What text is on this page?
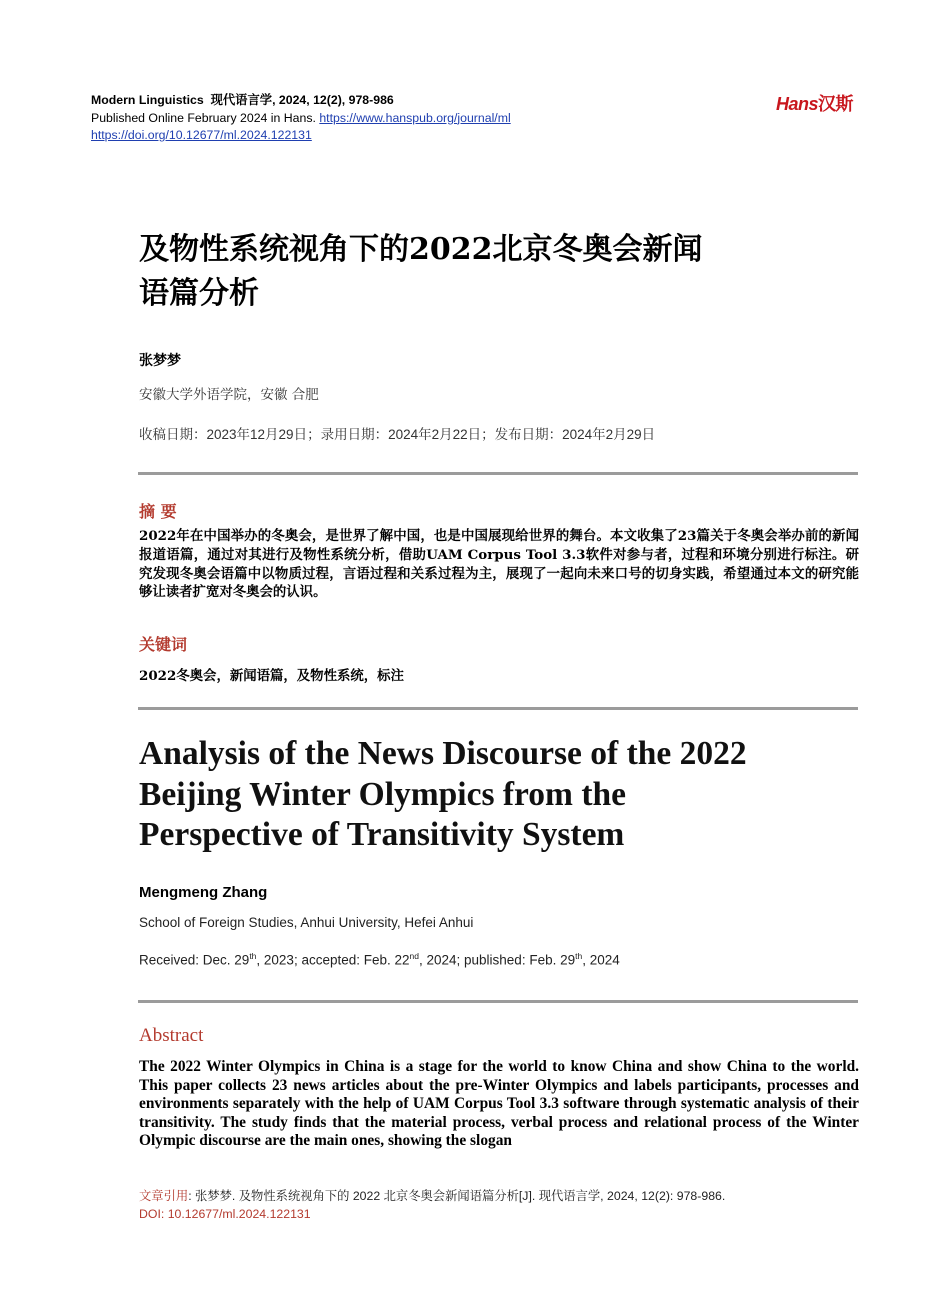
Modern Linguistics 现代语言学, 2024, 12(2), 978-986
Published Online February 2024 in Hans. https://www.hanspub.org/journal/ml
https://doi.org/10.12677/ml.2024.122131
Hans汉斯
及物性系统视角下的2022北京冬奥会新闻
语篇分析
张梦梦
安徽大学外语学院，安徽 合肥
收稿日期：2023年12月29日；录用日期：2024年2月22日；发布日期：2024年2月29日
摘 要
2022年在中国举办的冬奥会，是世界了解中国，也是中国展现给世界的舞台。本文收集了23篇关于冬奥会举办前的新闻报道语篇，通过对其进行及物性系统分析，借助UAM Corpus Tool 3.3软件对参与者，过程和环境分别进行标注。研究发现冬奥会语篇中以物质过程，言语过程和关系过程为主，展现了一起向未来口号的切身实践，希望通过本文的研究能够让读者扩宽对冬奥会的认识。
关键词
2022冬奥会，新闻语篇，及物性系统，标注
Analysis of the News Discourse of the 2022
Beijing Winter Olympics from the
Perspective of Transitivity System
Mengmeng Zhang
School of Foreign Studies, Anhui University, Hefei Anhui
Received: Dec. 29th, 2023; accepted: Feb. 22nd, 2024; published: Feb. 29th, 2024
Abstract
The 2022 Winter Olympics in China is a stage for the world to know China and show China to the world. This paper collects 23 news articles about the pre-Winter Olympics and labels participants, processes and environments separately with the help of UAM Corpus Tool 3.3 software through systematic analysis of their transitivity. The study finds that the material process, verbal process and relational process of the Winter Olympic discourse are the main ones, showing the slogan
文章引用: 张梦梦. 及物性系统视角下的 2022 北京冬奥会新闻语篇分析[J]. 现代语言学, 2024, 12(2): 978-986.
DOI: 10.12677/ml.2024.122131
